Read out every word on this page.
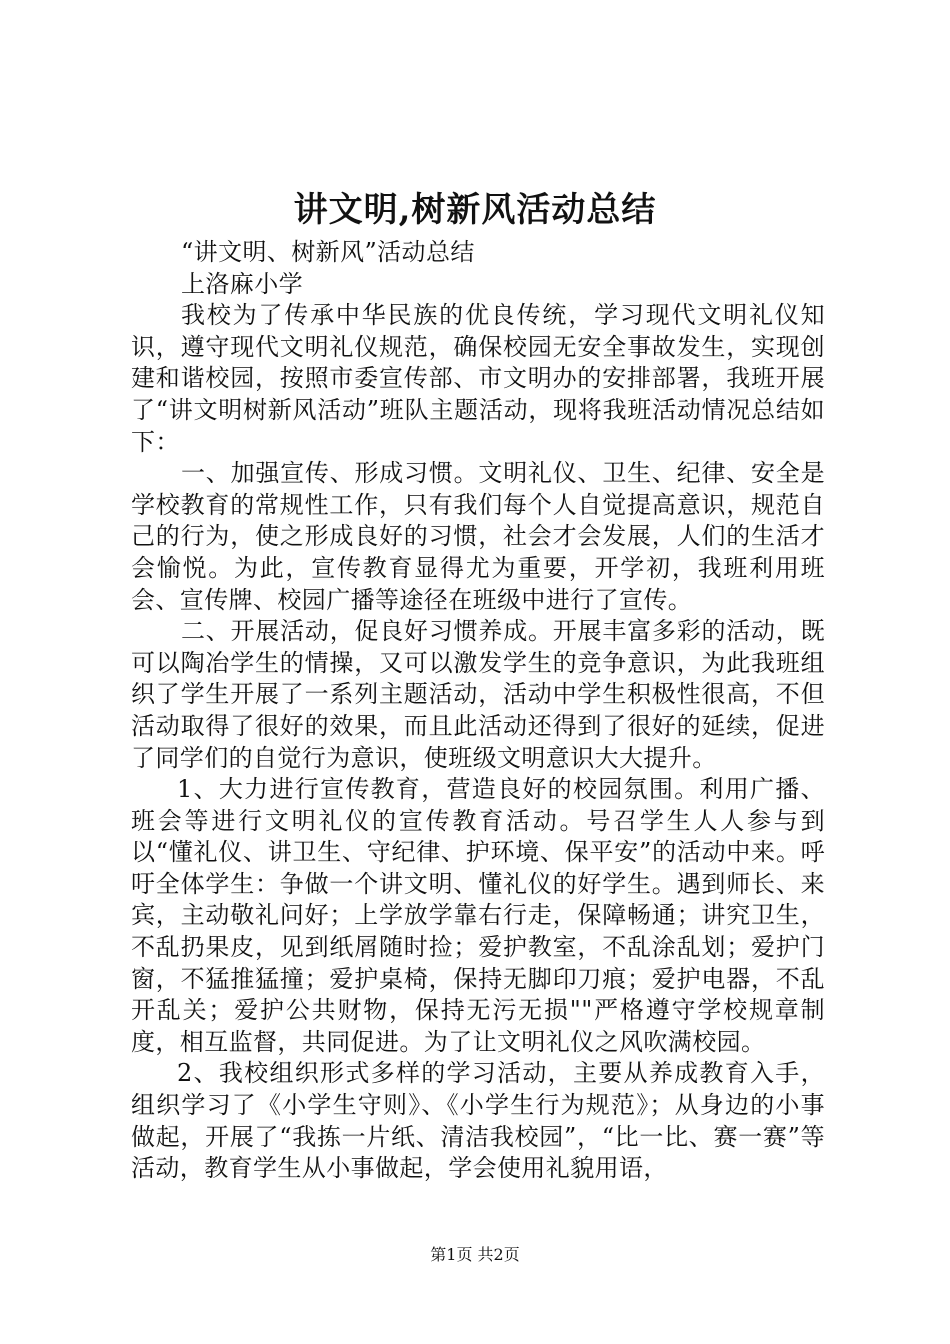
讲文明,树新风活动总结

“讲文明、树新风”活动总结

上洛麻小学

我校为了传承中华民族的优良传统，学习现代文明礼仪知识，遵守现代文明礼仪规范，确保校园无安全事故发生，实现创建和谐校园，按照市委宣传部、市文明办的安排部署，我班开展了“讲文明树新风活动”班队主题活动，现将我班活动情况总结如下：

一、加强宣传、形成习惯。文明礼仪、卫生、纪律、安全是学校教育的常规性工作，只有我们每个人自觉提高意识，规范自己的行为，使之形成良好的习惯，社会才会发展，人们的生活才会愉悦。为此，宣传教育显得尤为重要，开学初，我班利用班会、宣传牌、校园广播等途径在班级中进行了宣传。

二、开展活动，促良好习惯养成。开展丰富多彩的活动，既可以陶冶学生的情操，又可以激发学生的竞争意识，为此我班组织了学生开展了一系列主题活动，活动中学生积极性很高，不但活动取得了很好的效果，而且此活动还得到了很好的延续，促进了同学们的自觉行为意识，使班级文明意识大大提升。

1、大力进行宣传教育，营造良好的校园氛围。利用广播、班会等进行文明礼仪的宣传教育活动。号召学生人人参与到以“懂礼仪、讲卫生、守纪律、护环境、保平安”的活动中来。呼吁全体学生：争做一个讲文明、懂礼仪的好学生。遇到师长、来宾，主动敬礼问好；上学放学靠右行走，保障畅通；讲究卫生，不乱扔果皮，见到纸屑随时捡；爱护教室，不乱涂乱划；爱护门窗，不猛推猛撞；爱护桌椅，保持无脚印刀痕；爱护电器，不乱开乱关；爱护公共财物，保持无污无损""严格遵守学校规章制度，相互监督，共同促进。为了让文明礼仪之风吹满校园。

2、我校组织形式多样的学习活动，主要从养成教育入手，组织学习了《小学生守则》、《小学生行为规范》；从身边的小事做起，开展了“我拣一片纸、清洁我校园”，“比一比、赛一赛”等活动，教育学生从小事做起，学会使用礼貌用语，

第1页 共2页
